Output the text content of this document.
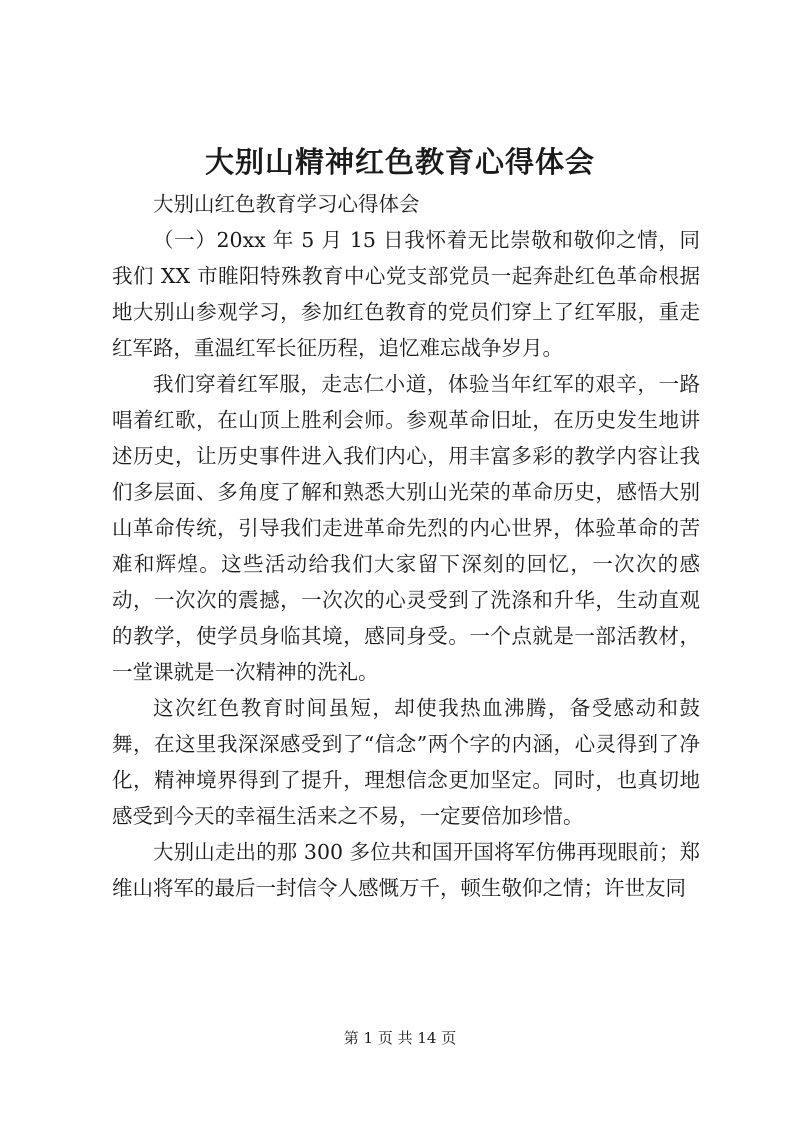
大别山精神红色教育心得体会

大别山红色教育学习心得体会

（一）20xx 年 5 月 15 日我怀着无比崇敬和敬仰之情，同我们 XX 市睢阳特殊教育中心党支部党员一起奔赴红色革命根据地大别山参观学习，参加红色教育的党员们穿上了红军服，重走红军路，重温红军长征历程，追忆难忘战争岁月。

我们穿着红军服，走志仁小道，体验当年红军的艰辛，一路唱着红歌，在山顶上胜利会师。参观革命旧址，在历史发生地讲述历史，让历史事件进入我们内心，用丰富多彩的教学内容让我们多层面、多角度了解和熟悉大别山光荣的革命历史，感悟大别山革命传统，引导我们走进革命先烈的内心世界，体验革命的苦难和辉煌。这些活动给我们大家留下深刻的回忆，一次次的感动，一次次的震撼，一次次的心灵受到了洗涤和升华，生动直观的教学，使学员身临其境，感同身受。一个点就是一部活教材，一堂课就是一次精神的洗礼。

这次红色教育时间虽短，却使我热血沸腾，备受感动和鼓舞，在这里我深深感受到了“信念”两个字的内涵，心灵得到了净化，精神境界得到了提升，理想信念更加坚定。同时，也真切地感受到今天的幸福生活来之不易，一定要倍加珍惜。

大别山走出的那 300 多位共和国开国将军仿佛再现眼前；郑维山将军的最后一封信令人感慨万千，顿生敬仰之情；许世友同

第 1 页 共 14 页
